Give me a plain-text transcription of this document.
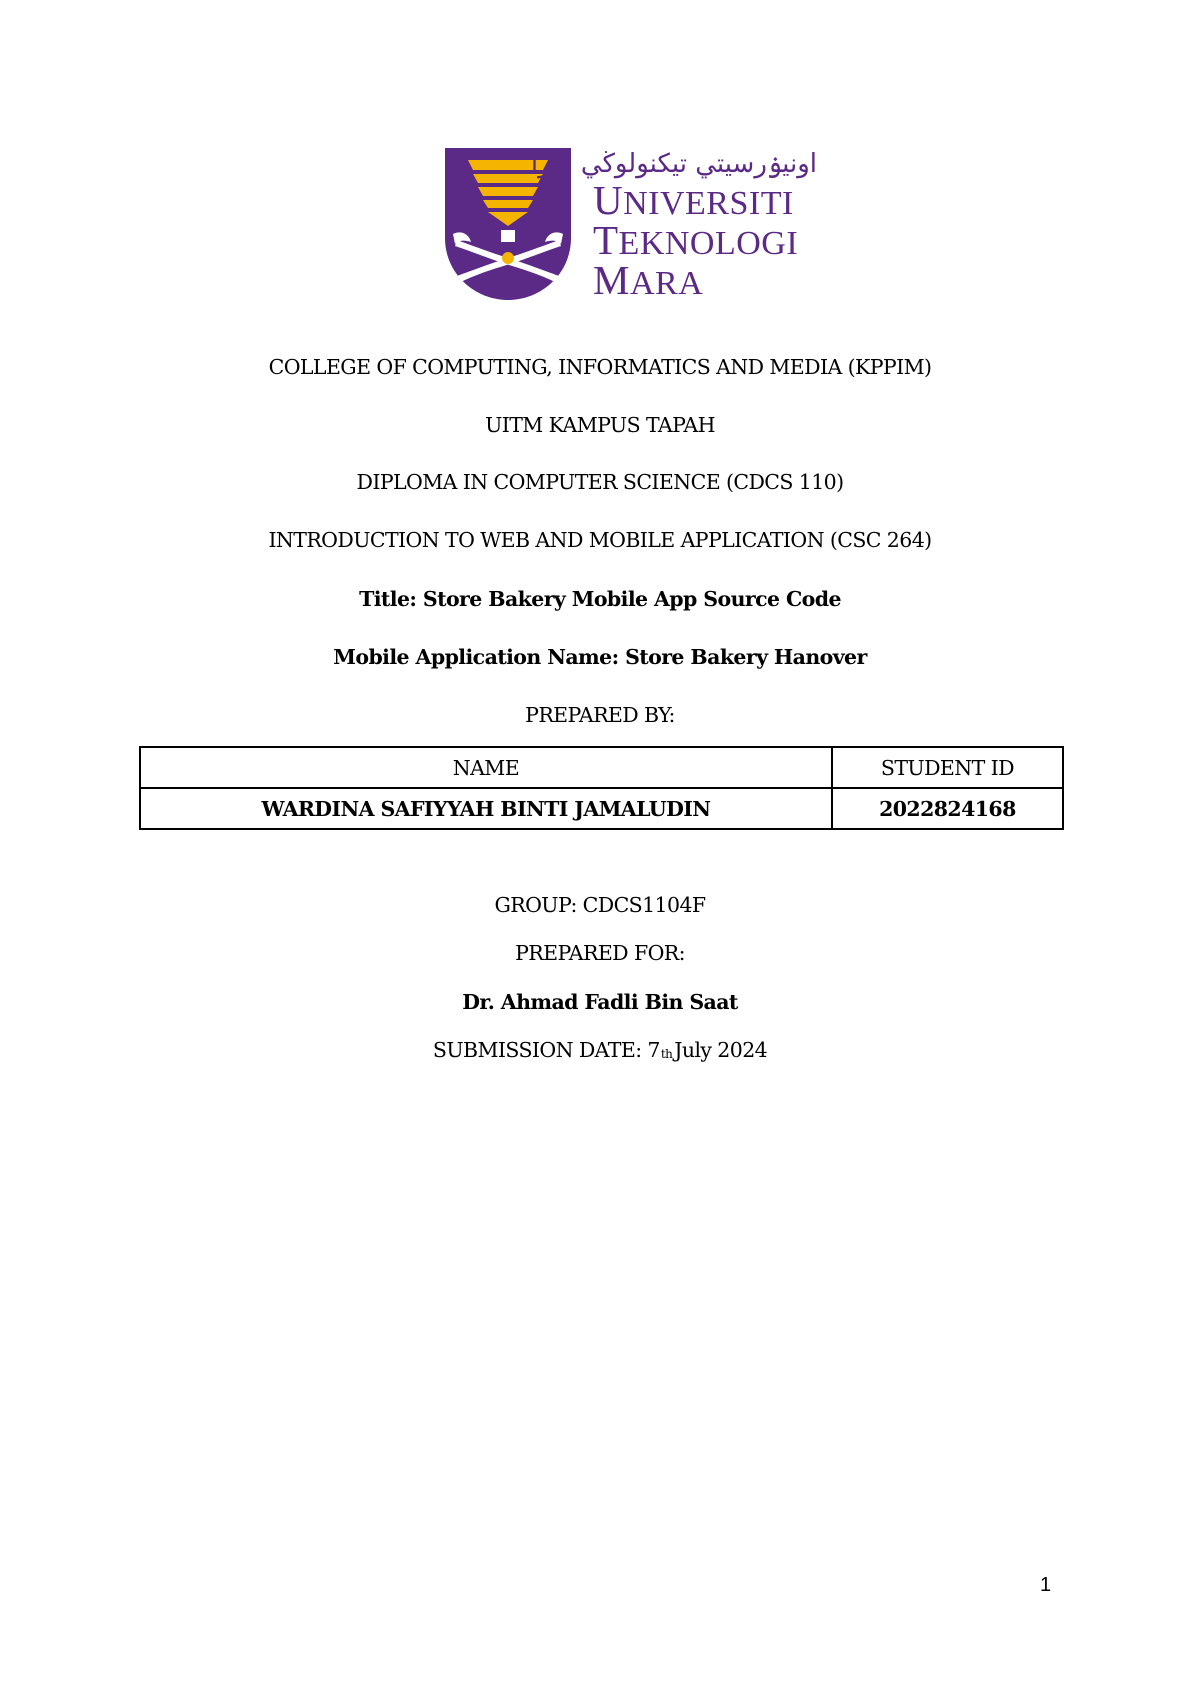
اونيۏرسيتي تيكنولوڬي مارا
UNIVERSITI
TEKNOLOGI
MARA
COLLEGE OF COMPUTING, INFORMATICS AND MEDIA (KPPIM)
UITM KAMPUS TAPAH
DIPLOMA IN COMPUTER SCIENCE (CDCS 110)
INTRODUCTION TO WEB AND MOBILE APPLICATION (CSC 264)
Title: Store Bakery Mobile App Source Code
Mobile Application Name: Store Bakery Hanover
PREPARED BY:
NAME	STUDENT ID
WARDINA SAFIYYAH BINTI JAMALUDIN	2022824168
GROUP: CDCS1104F
PREPARED FOR:
Dr. Ahmad Fadli Bin Saat
SUBMISSION DATE: 7thJuly 2024
1
